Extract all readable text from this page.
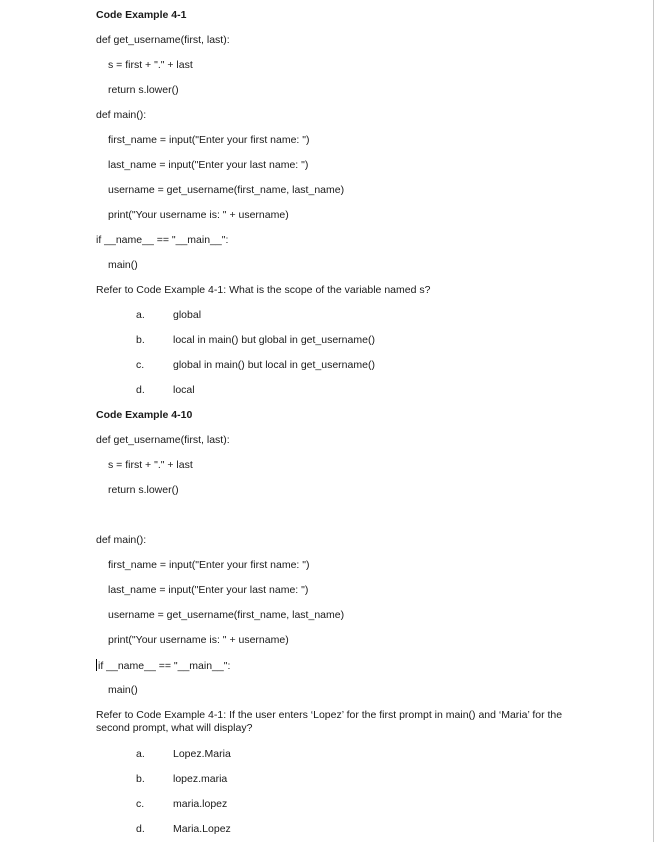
Code Example 4-1
def get_username(first, last):
s = first + "." + last
return s.lower()
def main():
first_name = input("Enter your first name: ")
last_name = input("Enter your last name: ")
username = get_username(first_name, last_name)
print("Your username is: " + username)
if __name__ == "__main__":
main()
Refer to Code Example 4-1: What is the scope of the variable named s?
a.	global
b.	local in main() but global in get_username()
c.	global in main() but local in get_username()
d.	local
Code Example 4-10
def get_username(first, last):
s = first + "." + last
return s.lower()
def main():
first_name = input("Enter your first name: ")
last_name = input("Enter your last name: ")
username = get_username(first_name, last_name)
print("Your username is: " + username)
if __name__ == "__main__":
main()
Refer to Code Example 4-1: If the user enters ‘Lopez’ for the first prompt in main() and ‘Maria’ for the second prompt, what will display?
a.	Lopez.Maria
b.	lopez.maria
c.	maria.lopez
d.	Maria.Lopez
